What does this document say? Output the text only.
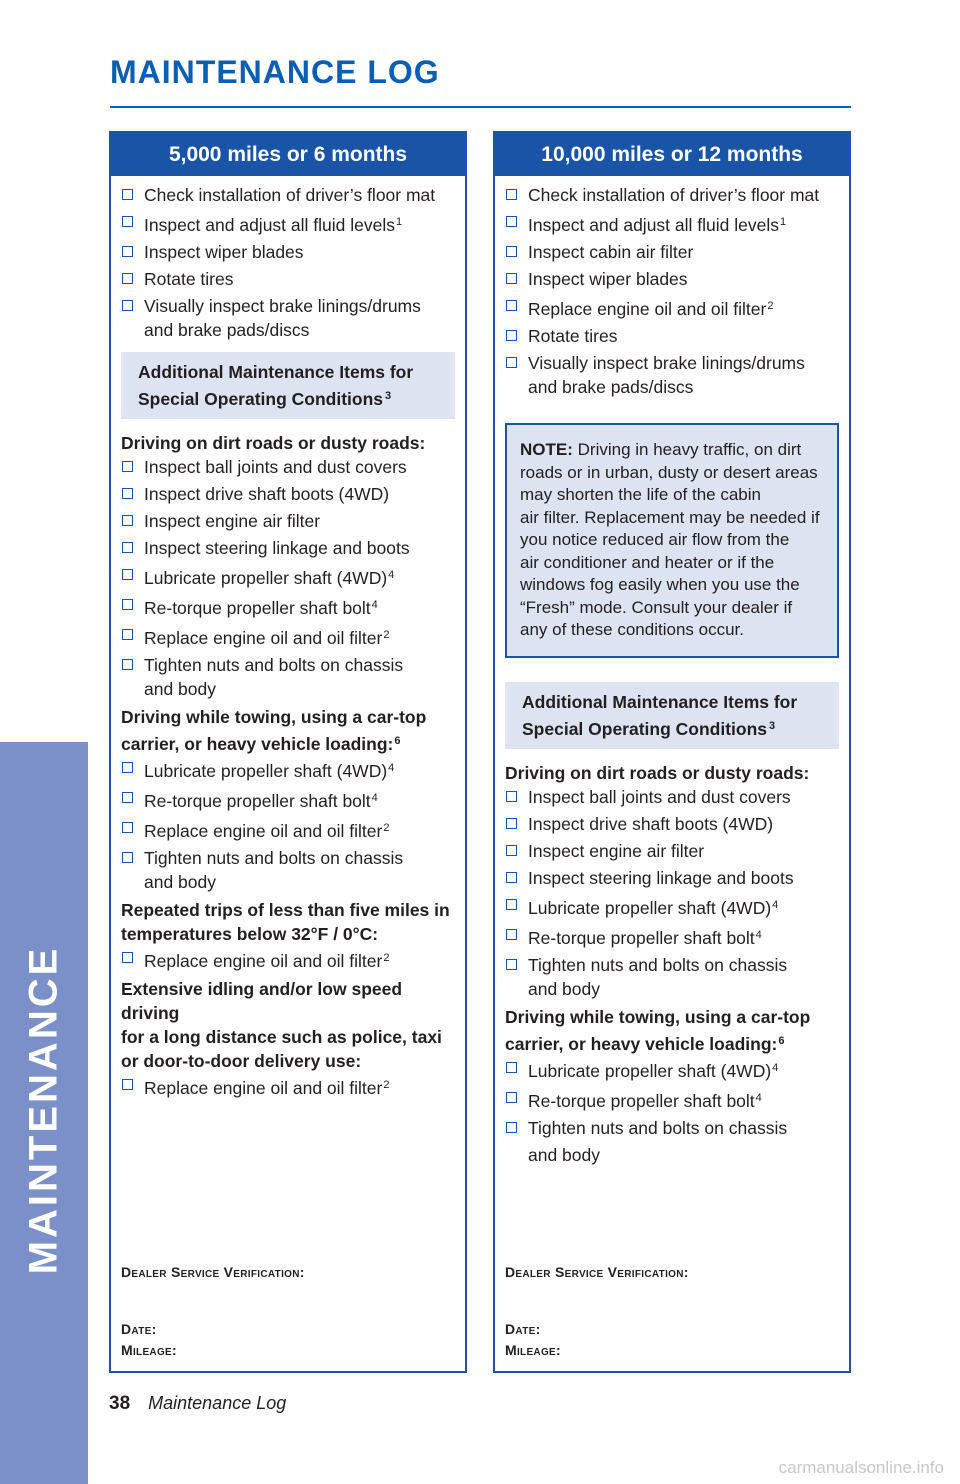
MAINTENANCE
MAINTENANCE LOG
5,000 miles or 6 months
Check installation of driver’s floor mat
Inspect and adjust all fluid levels$^1$
Inspect wiper blades
Rotate tires
Visually inspect brake linings/drums
and brake pads/discs
Additional Maintenance Items for
Special Operating Conditions $^3$
Driving on dirt roads or dusty roads:
Inspect ball joints and dust covers
Inspect drive shaft boots (4WD)
Inspect engine air filter
Inspect steering linkage and boots
Lubricate propeller shaft $(4WD)^4$
Re-torque propeller shaft bolt$^4$
Replace engine oil and oil filter$^2$
Tighten nuts and bolts on chassis
and body
Driving while towing, using a car-top
carrier, or heavy vehicle loading:$^6$
Lubricate propeller shaft $(4WD)^4$
Re-torque propeller shaft bolt$^4$
Replace engine oil and oil filter$^2$
Tighten nuts and bolts on chassis
and body
Repeated trips of less than five miles in
temperatures below 32°F / 0°C:
Replace engine oil and oil filter$^2$
Extensive idling and/or low speed driving
for a long distance such as police, taxi
or door-to-door delivery use:
Replace engine oil and oil filter$^2$
Dealer Service Verification:
Date:
Mileage:
10,000 miles or 12 months
Check installation of driver’s floor mat
Inspect and adjust all fluid levels$^1$
Inspect cabin air filter
Inspect wiper blades
Replace engine oil and oil filter$^2$
Rotate tires
Visually inspect brake linings/drums
and brake pads/discs
NOTE: Driving in heavy traffic, on dirt
roads or in urban, dusty or desert areas
may shorten the life of the cabin
air filter. Replacement may be needed if
you notice reduced air flow from the
air conditioner and heater or if the
windows fog easily when you use the
“Fresh” mode. Consult your dealer if
any of these conditions occur.
Additional Maintenance Items for
Special Operating Conditions $^3$
Driving on dirt roads or dusty roads:
Inspect ball joints and dust covers
Inspect drive shaft boots (4WD)
Inspect engine air filter
Inspect steering linkage and boots
Lubricate propeller shaft $(4WD)^4$
Re-torque propeller shaft bolt$^4$
Tighten nuts and bolts on chassis
and body
Driving while towing, using a car-top
carrier, or heavy vehicle loading:$^6$
Lubricate propeller shaft $(4WD)^4$
Re-torque propeller shaft bolt$^4$
Tighten nuts and bolts on chassis
and body
Dealer Service Verification:
Date:
Mileage:
38 Maintenance Log
carmanualsonline.info
